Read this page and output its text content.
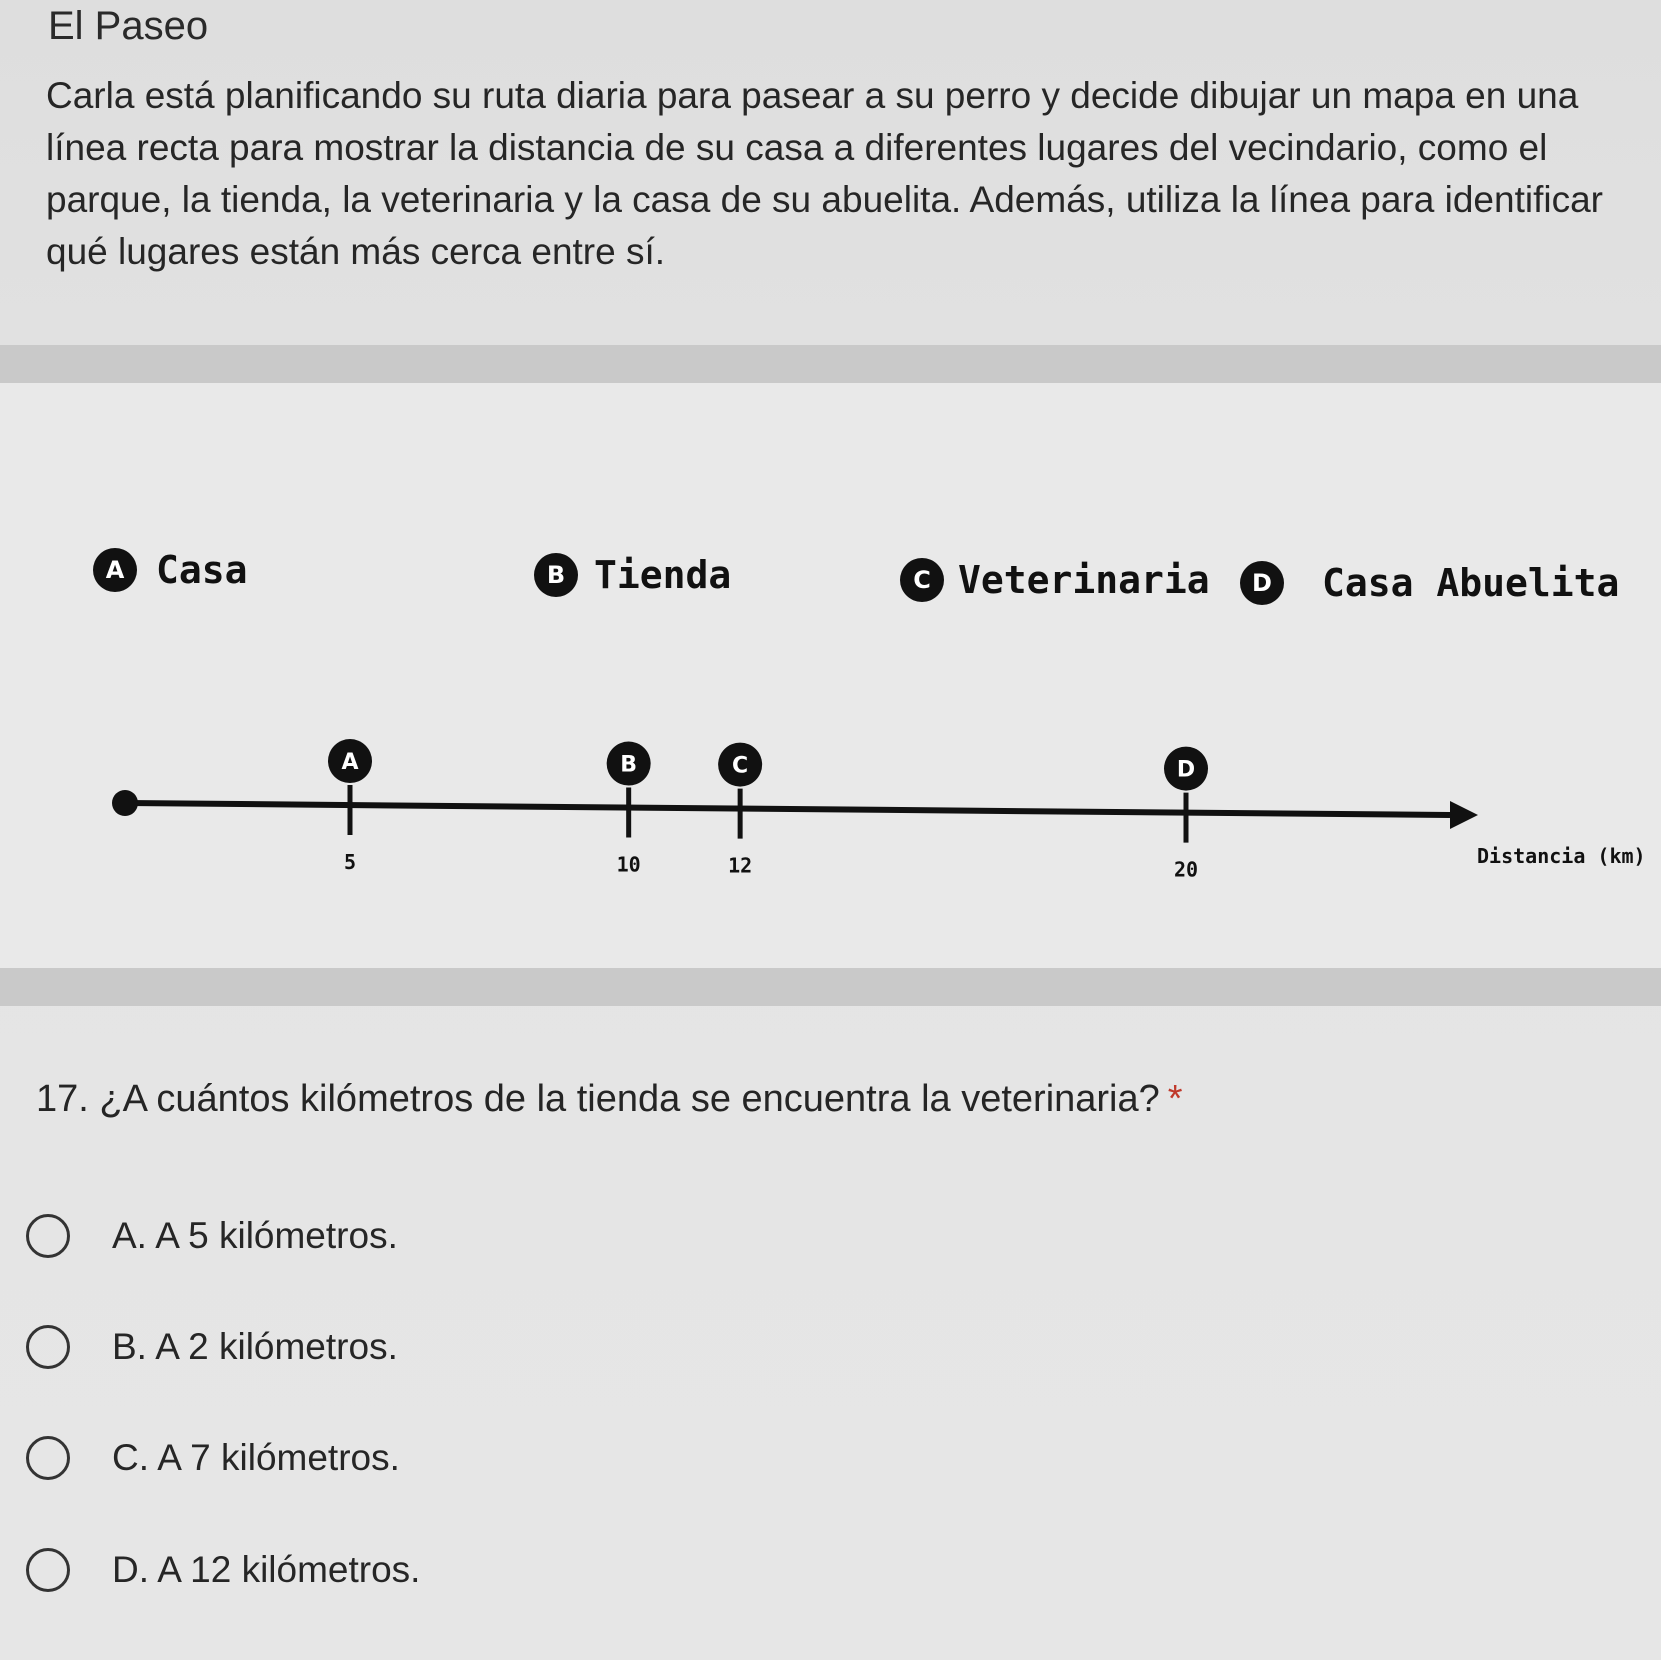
El Paseo
Carla está planificando su ruta diaria para pasear a su perro y decide dibujar un mapa en una línea recta para mostrar la distancia de su casa a diferentes lugares del vecindario, como el parque, la tienda, la veterinaria y la casa de su abuelita. Además, utiliza la línea para identificar qué lugares están más cerca entre sí.
A Casa	B Tienda	C Veterinaria D Casa Abuelita
Distancia (km)
A
5
B
10
C
12
D
20
17. ¿A cuántos kilómetros de la tienda se encuentra la veterinaria? *
A. A 5 kilómetros.
B. A 2 kilómetros.
C. A 7 kilómetros.
D. A 12 kilómetros.
